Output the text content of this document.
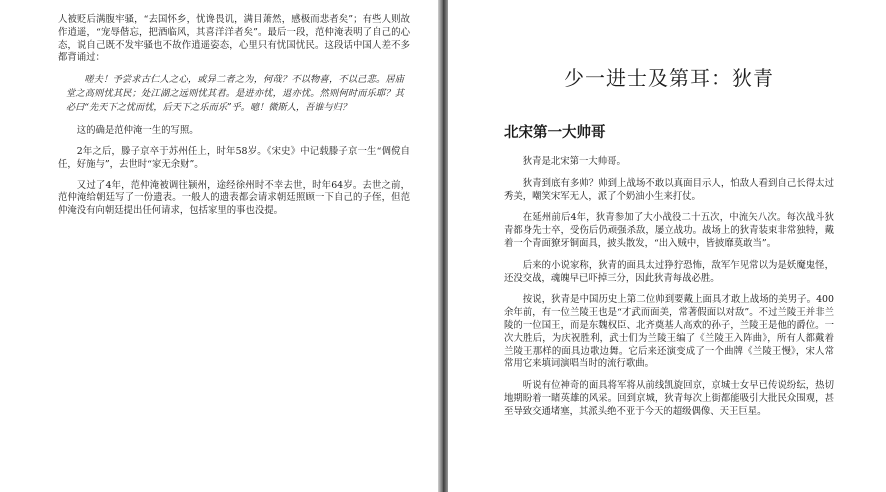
人被贬后满腹牢骚，“去国怀乡，忧谗畏讥，满目萧然，感极而悲者矣”；有些人则故作逍遥，“宠辱偕忘，把酒临风，其喜洋洋者矣”。最后一段，范仲淹表明了自己的心态，说自己既不发牢骚也不故作逍遥姿态，心里只有忧国忧民。这段话中国人差不多都背诵过：

嗟夫！予尝求古仁人之心，或异二者之为，何哉？不以物喜，不以己悲。居庙堂之高则忧其民；处江湖之远则忧其君。是进亦忧，退亦忧。然则何时而乐耶？其必曰“先天下之忧而忧，后天下之乐而乐”乎。噫！微斯人，吾谁与归？

这的确是范仲淹一生的写照。

2年之后，滕子京卒于苏州任上，时年58岁。《宋史》中记载滕子京一生“倜傥自任，好施与”，去世时“家无余财”。

又过了4年，范仲淹被调往颍州，途经徐州时不幸去世，时年64岁。去世之前，范仲淹给朝廷写了一份遗表。一般人的遗表都会请求朝廷照顾一下自己的子侄，但范仲淹没有向朝廷提出任何请求，包括家里的事也没提。

少一进士及第耳：狄青
北宋第一大帅哥

狄青是北宋第一大帅哥。

狄青到底有多帅？帅到上战场不敢以真面目示人，怕敌人看到自己长得太过秀美，嘲笑宋军无人，派了个奶油小生来打仗。

在延州前后4年，狄青参加了大小战役二十五次，中流矢八次。每次战斗狄青都身先士卒，受伤后仍顽强杀敌，屡立战功。战场上的狄青装束非常独特，戴着一个青面獠牙铜面具，披头散发，“出入贼中，皆披靡莫敢当”。

后来的小说家称，狄青的面具太过狰狞恐怖，敌军乍见常以为是妖魔鬼怪，还没交战，魂魄早已吓掉三分，因此狄青每战必胜。

按说，狄青是中国历史上第二位帅到要戴上面具才敢上战场的美男子。400余年前，有一位兰陵王也是“才武而面美，常著假面以对敌”。不过兰陵王并非兰陵的一位国王，而是东魏权臣、北齐奠基人高欢的孙子，兰陵王是他的爵位。一次大胜后，为庆祝胜利，武士们为兰陵王编了《兰陵王入阵曲》，所有人都戴着兰陵王那样的面具边歌边舞。它后来还演变成了一个曲牌《兰陵王慢》，宋人常常用它来填词演唱当时的流行歌曲。

听说有位神奇的面具将军将从前线凯旋回京，京城士女早已传说纷纭，热切地期盼着一睹英雄的风采。回到京城，狄青每次上街都能吸引大批民众围观，甚至导致交通堵塞，其派头绝不亚于今天的超级偶像、天王巨星。
